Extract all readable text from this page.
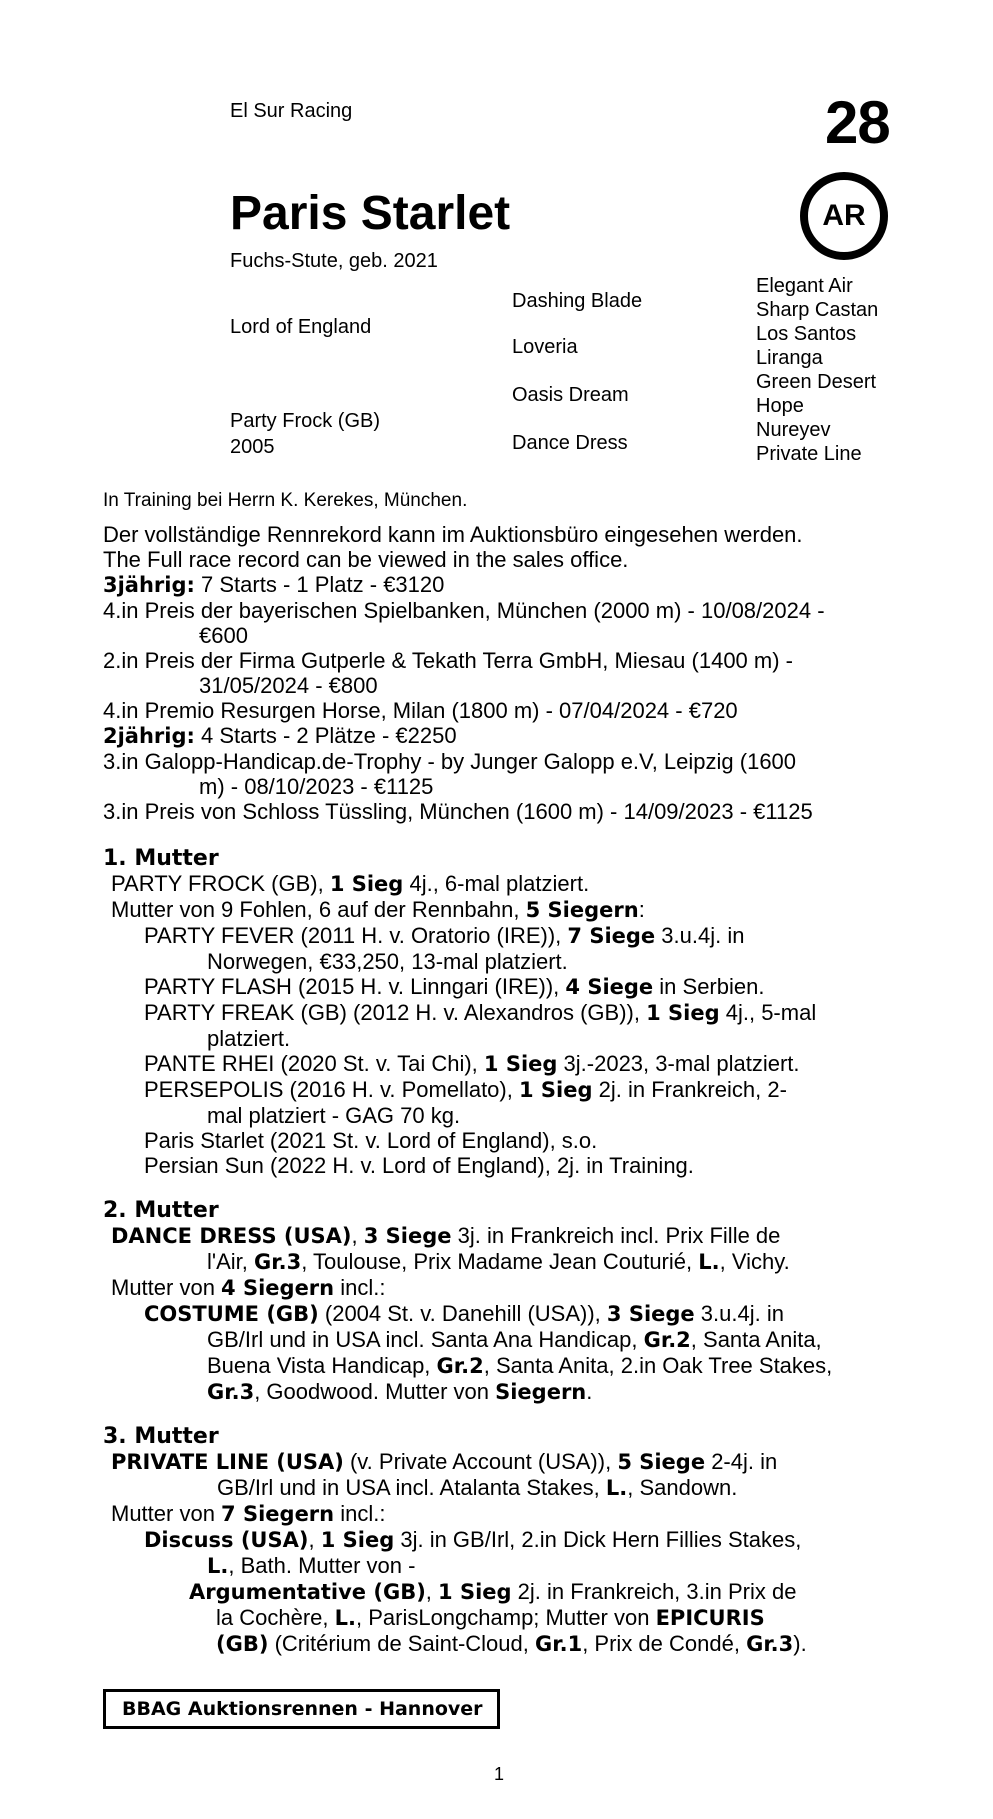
El Sur Racing	28
Paris Starlet	AR
Fuchs-Stute, geb. 2021
Lord of England
Party Frock (GB)
2005
Dashing Blade
Loveria
Oasis Dream
Dance Dress
Elegant Air
Sharp Castan
Los Santos
Liranga
Green Desert
Hope
Nureyev
Private Line
In Training bei Herrn K. Kerekes, München.
Der vollständige Rennrekord kann im Auktionsbüro eingesehen werden.
The Full race record can be viewed in the sales office.
3jährig: 7 Starts - 1 Platz - €3120
4.in Preis der bayerischen Spielbanken, München (2000 m) - 10/08/2024 -
€600
2.in Preis der Firma Gutperle & Tekath Terra GmbH, Miesau (1400 m) -
31/05/2024 - €800
4.in Premio Resurgen Horse, Milan (1800 m) - 07/04/2024 - €720
2jährig: 4 Starts - 2 Plätze - €2250
3.in Galopp-Handicap.de-Trophy - by Junger Galopp e.V, Leipzig (1600
m) - 08/10/2023 - €1125
3.in Preis von Schloss Tüssling, München (1600 m) - 14/09/2023 - €1125
1. Mutter
PARTY FROCK (GB), 1 Sieg 4j., 6-mal platziert.
Mutter von 9 Fohlen, 6 auf der Rennbahn, 5 Siegern:
PARTY FEVER (2011 H. v. Oratorio (IRE)), 7 Siege 3.u.4j. in
Norwegen, €33,250, 13-mal platziert.
PARTY FLASH (2015 H. v. Linngari (IRE)), 4 Siege in Serbien.
PARTY FREAK (GB) (2012 H. v. Alexandros (GB)), 1 Sieg 4j., 5-mal
platziert.
PANTE RHEI (2020 St. v. Tai Chi), 1 Sieg 3j.-2023, 3-mal platziert.
PERSEPOLIS (2016 H. v. Pomellato), 1 Sieg 2j. in Frankreich, 2-
mal platziert - GAG 70 kg.
Paris Starlet (2021 St. v. Lord of England), s.o.
Persian Sun (2022 H. v. Lord of England), 2j. in Training.
2. Mutter
DANCE DRESS (USA), 3 Siege 3j. in Frankreich incl. Prix Fille de
l'Air, Gr.3, Toulouse, Prix Madame Jean Couturié, L., Vichy.
Mutter von 4 Siegern incl.:
COSTUME (GB) (2004 St. v. Danehill (USA)), 3 Siege 3.u.4j. in
GB/Irl und in USA incl. Santa Ana Handicap, Gr.2, Santa Anita,
Buena Vista Handicap, Gr.2, Santa Anita, 2.in Oak Tree Stakes,
Gr.3, Goodwood. Mutter von Siegern.
3. Mutter
PRIVATE LINE (USA) (v. Private Account (USA)), 5 Siege 2-4j. in
GB/Irl und in USA incl. Atalanta Stakes, L., Sandown.
Mutter von 7 Siegern incl.:
Discuss (USA), 1 Sieg 3j. in GB/Irl, 2.in Dick Hern Fillies Stakes,
L., Bath. Mutter von -
Argumentative (GB), 1 Sieg 2j. in Frankreich, 3.in Prix de
la Cochère, L., ParisLongchamp; Mutter von EPICURIS
(GB) (Critérium de Saint-Cloud, Gr.1, Prix de Condé, Gr.3).
BBAG Auktionsrennen - Hannover
1
